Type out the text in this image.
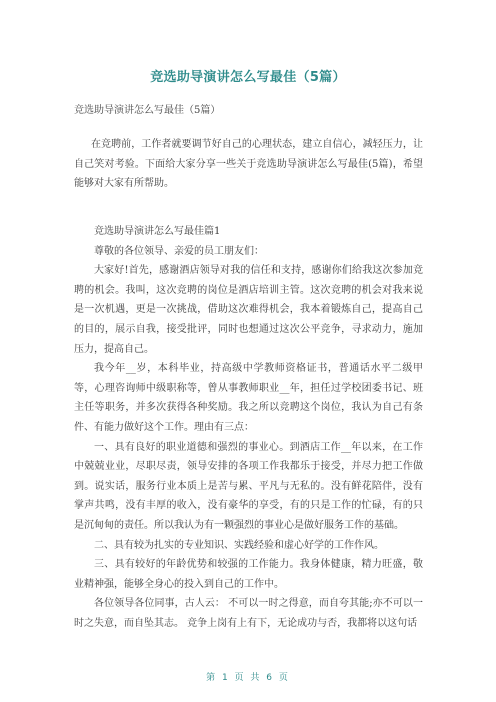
竞选助导演讲怎么写最佳（5篇）
竞选助导演讲怎么写最佳（5篇）

在竞聘前，工作者就要调节好自己的心理状态，建立自信心，减轻压力，让自己笑对考验。下面给大家分享一些关于竞选助导演讲怎么写最佳(5篇)，希望能够对大家有所帮助。

竞选助导演讲怎么写最佳篇1

尊敬的各位领导、亲爱的员工朋友们：

大家好!首先，感谢酒店领导对我的信任和支持，感谢你们给我这次参加竞聘的机会。我叫，这次竞聘的岗位是酒店培训主管。这次竞聘的机会对我来说是一次机遇，更是一次挑战，借助这次难得机会，我本着锻炼自己，提高自己的目的，展示自我，接受批评，同时也想通过这次公平竞争，寻求动力，施加压力，提高自己。

我今年__岁，本科毕业，持高级中学教师资格证书，普通话水平二级甲等，心理咨询师中级职称等，曾从事教师职业__年，担任过学校团委书记、班主任等职务，并多次获得各种奖励。我之所以竞聘这个岗位，我认为自己有条件、有能力做好这个工作。理由有三点：

一、具有良好的职业道德和强烈的事业心。到酒店工作__年以来，在工作中兢兢业业，尽职尽责，领导安排的各项工作我都乐于接受，并尽力把工作做到。说实话，服务行业本质上是苦与累、平凡与无私的。没有鲜花陪伴，没有掌声共鸣，没有丰厚的收入，没有豪华的享受，有的只是工作的忙碌，有的只是沉甸甸的责任。所以我认为有一颗强烈的事业心是做好服务工作的基础。

二、具有较为扎实的专业知识、实践经验和虚心好学的工作作风。

三、具有较好的年龄优势和较强的工作能力。我身体健康，精力旺盛，敬业精神强，能够全身心的投入到自己的工作中。

各位领导各位同事，古人云： 不可以一时之得意，而自夸其能;亦不可以一时之失意，而自坠其志。 竞争上岗有上有下，无论成功与否，我都将以这句话

第 1 页 共 6 页
